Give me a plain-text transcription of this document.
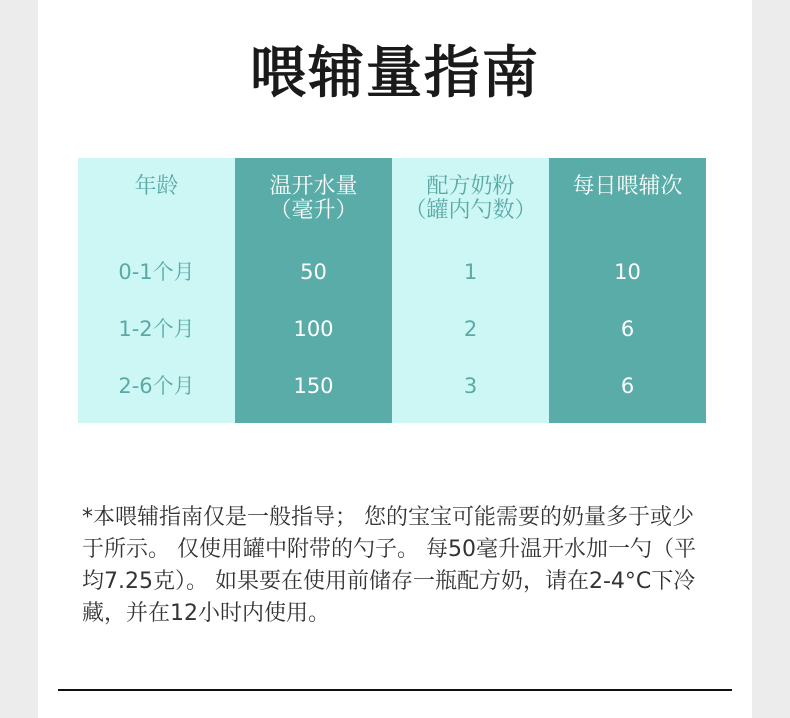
喂辅量指南
年龄
0-1个月
1-2个月
2-6个月
温开水量
（毫升）
50
100
150
配方奶粉
（罐内勺数）
1
2
3
每日喂辅次
10
6
6
*本喂辅指南仅是一般指导； 您的宝宝可能需要的奶量多于或少于所示。 仅使用罐中附带的勺子。 每50毫升温开水加一勺（平均7.25克）。 如果要在使用前储存一瓶配方奶，请在2-4°C下冷藏，并在12小时内使用。
